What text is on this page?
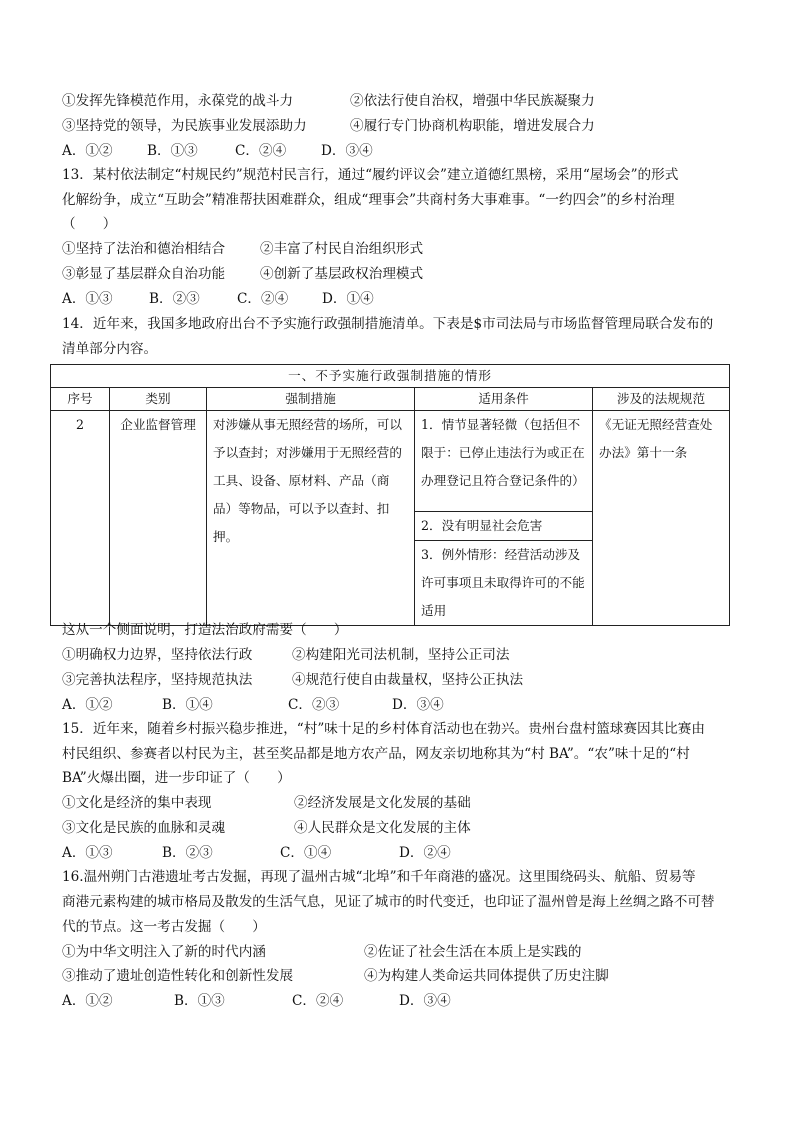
①发挥先锋模范作用，永葆党的战斗力	②依法行使自治权，增强中华民族凝聚力
③坚持党的领导，为民族事业发展添助力	④履行专门协商机构职能，增进发展合力
A．①②	B．①③	C．②④	D．③④
13．某村依法制定“村规民约”规范村民言行，通过“履约评议会”建立道德红黑榜，采用“屋场会”的形式
化解纷争，成立“互助会”精准帮扶困难群众，组成“理事会”共商村务大事难事。“一约四会”的乡村治理
（　　）
①坚持了法治和德治相结合	②丰富了村民自治组织形式
③彰显了基层群众自治功能	④创新了基层政权治理模式
A．①③	B．②③	C．②④ D．①④
14．近年来，我国多地政府出台不予实施行政强制措施清单。下表是$市司法局与市场监督管理局联合发布的
清单部分内容。
一、不予实施行政强制措施的情形				
序号	类别	强制措施	适用条件	涉及的法规规范
2	企业监督管理	对涉嫌从事无照经营的场所，可以予以查封；对涉嫌用于无照经营的工具、设备、原材料、产品（商品）等物品，可以予以查封、扣押。	1．情节显著轻微（包括但不限于：已停止违法行为或正在办理登记且符合登记条件的）	《无证无照经营查处办法》第十一条
			2．没有明显社会危害	
			3．例外情形：经营活动涉及许可事项且未取得许可的不能适用	
这从一个侧面说明，打造法治政府需要（　　）
①明确权力边界，坚持依法行政	②构建阳光司法机制，坚持公正司法
③完善执法程序，坚持规范执法	④规范行使自由裁量权，坚持公正执法
A．①②	B．①④	C．②③	D．③④
15．近年来，随着乡村振兴稳步推进，“村”味十足的乡村体育活动也在勃兴。贵州台盘村篮球赛因其比赛由
村民组织、参赛者以村民为主，甚至奖品都是地方农产品，网友亲切地称其为“村 BA”。“农”味十足的“村
BA”火爆出圈，进一步印证了（　　）
①文化是经济的集中表现	②经济发展是文化发展的基础
③文化是民族的血脉和灵魂	④人民群众是文化发展的主体
A．①③	B．②③	C．①④	D．②④
16.温州朔门古港遗址考古发掘，再现了温州古城“北埠”和千年商港的盛况。这里围绕码头、航船、贸易等
商港元素构建的城市格局及散发的生活气息，见证了城市的时代变迁，也印证了温州曾是海上丝绸之路不可替
代的节点。这一考古发掘（　　）
①为中华文明注入了新的时代内涵	②佐证了社会生活在本质上是实践的
③推动了遗址创造性转化和创新性发展	④为构建人类命运共同体提供了历史注脚
A．①②	B．①③	C．②④	D．③④
